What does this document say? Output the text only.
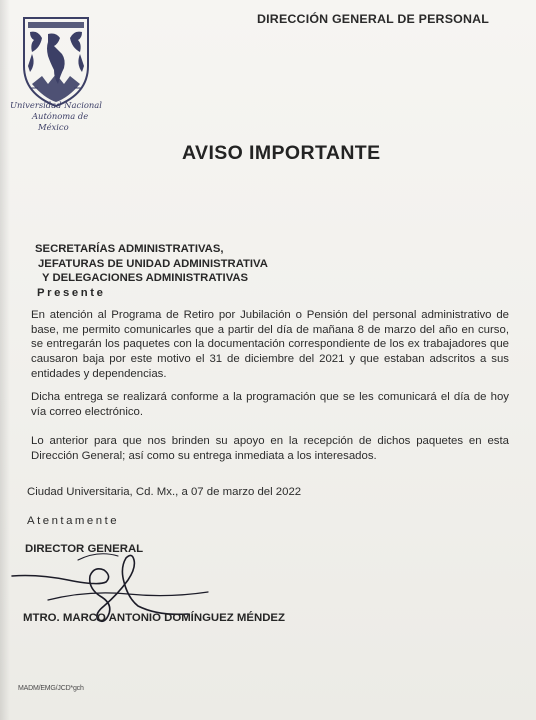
Universidad Nacional
Autónoma de
México
DIRECCIÓN GENERAL DE PERSONAL
AVISO IMPORTANTE
SECRETARÍAS ADMINISTRATIVAS,
JEFATURAS DE UNIDAD ADMINISTRATIVA
Y DELEGACIONES ADMINISTRATIVAS
Presente
En atención al Programa de Retiro por Jubilación o Pensión del personal administrativo de base, me permito comunicarles que a partir del día de mañana 8 de marzo del año en curso, se entregarán los paquetes con la documentación correspondiente de los ex trabajadores que causaron baja por este motivo el 31 de diciembre del 2021 y que estaban adscritos a sus entidades y dependencias.
Dicha entrega se realizará conforme a la programación que se les comunicará el día de hoy vía correo electrónico.
Lo anterior para que nos brinden su apoyo en la recepción de dichos paquetes en esta Dirección General; así como su entrega inmediata a los interesados.
Ciudad Universitaria, Cd. Mx., a 07 de marzo del 2022
Atentamente
DIRECTOR GENERAL
MTRO. MARCO ANTONIO DOMÍNGUEZ MÉNDEZ
MADM/EMG/JCD*gch
